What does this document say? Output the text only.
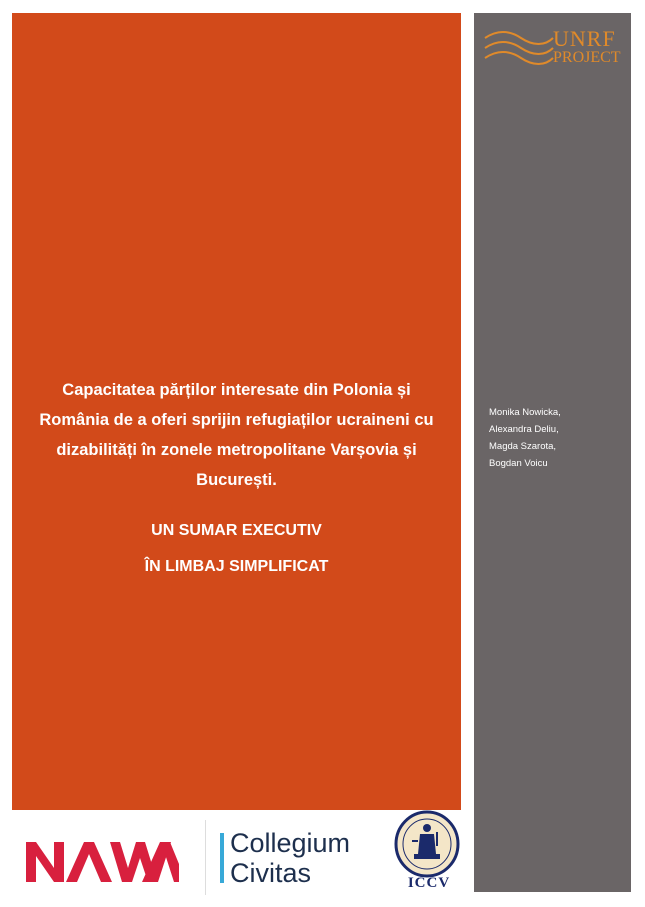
Capacitatea părților interesate din Polonia și România de a oferi sprijin refugiaților ucraineni cu dizabilități în zonele metropolitane Varșovia și București.
UN SUMAR EXECUTIV
ÎN LIMBAJ SIMPLIFICAT
UNRF
PROJECT
Monika Nowicka,
Alexandra Deliu,
Magda Szarota,
Bogdan Voicu
Collegium
Civitas	ICCV
